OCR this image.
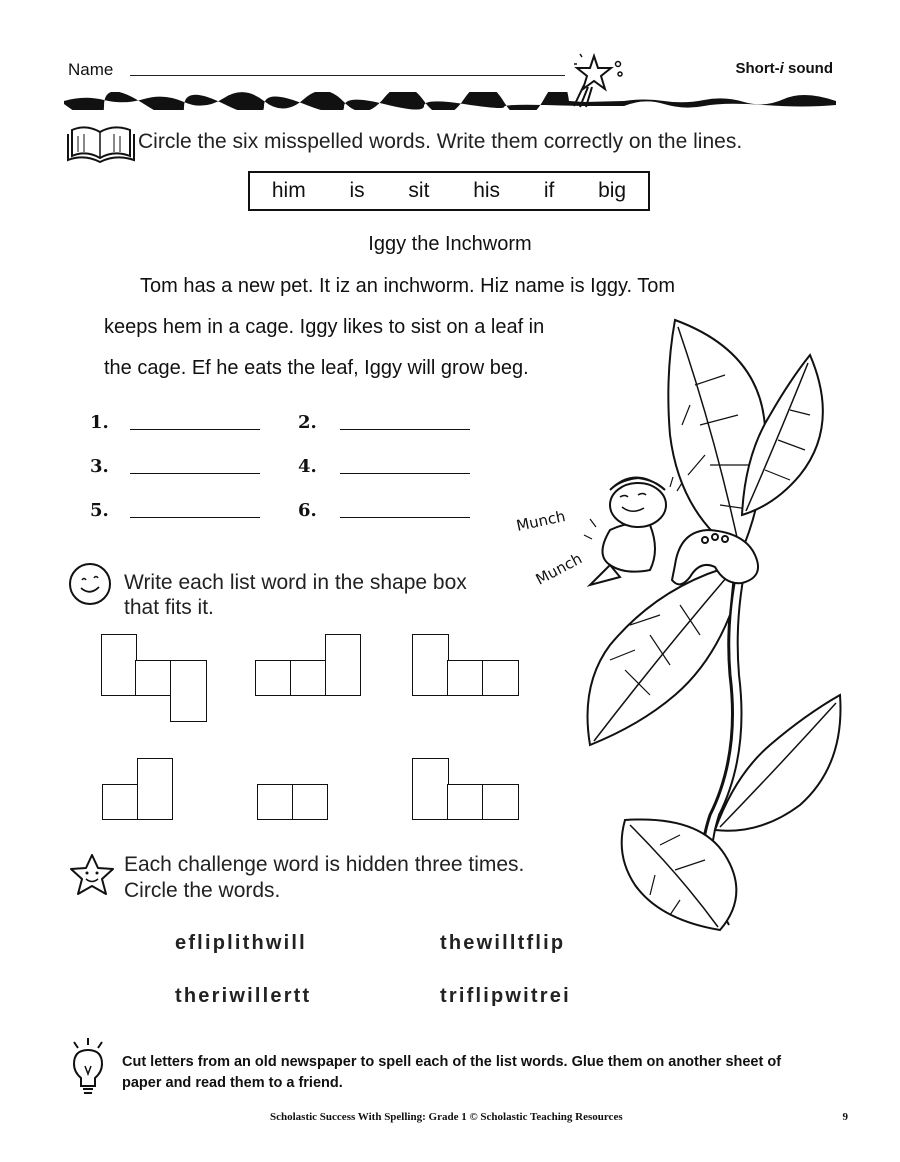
Name	Short-i sound
Circle the six misspelled words. Write them correctly on the lines.
him is sit his if big
Iggy the Inchworm
Tom has a new pet. It iz an inchworm. Hiz name is Iggy. Tom
keeps hem in a cage. Iggy likes to sist on a leaf in
the cage. Ef he eats the leaf, Iggy will grow beg.
1.	2.
3.	4.
5.	6.	Munch
Munch
Write each list word in the shape box
that fits it.
Each challenge word is hidden three times.
Circle the words.
efliplithwill	thewilltflip
theriwillertt	triflipwitrei
Cut letters from an old newspaper to spell each of the list words. Glue them on another sheet of paper and read them to a friend.
Scholastic Success With Spelling: Grade 1 © Scholastic Teaching Resources	9
